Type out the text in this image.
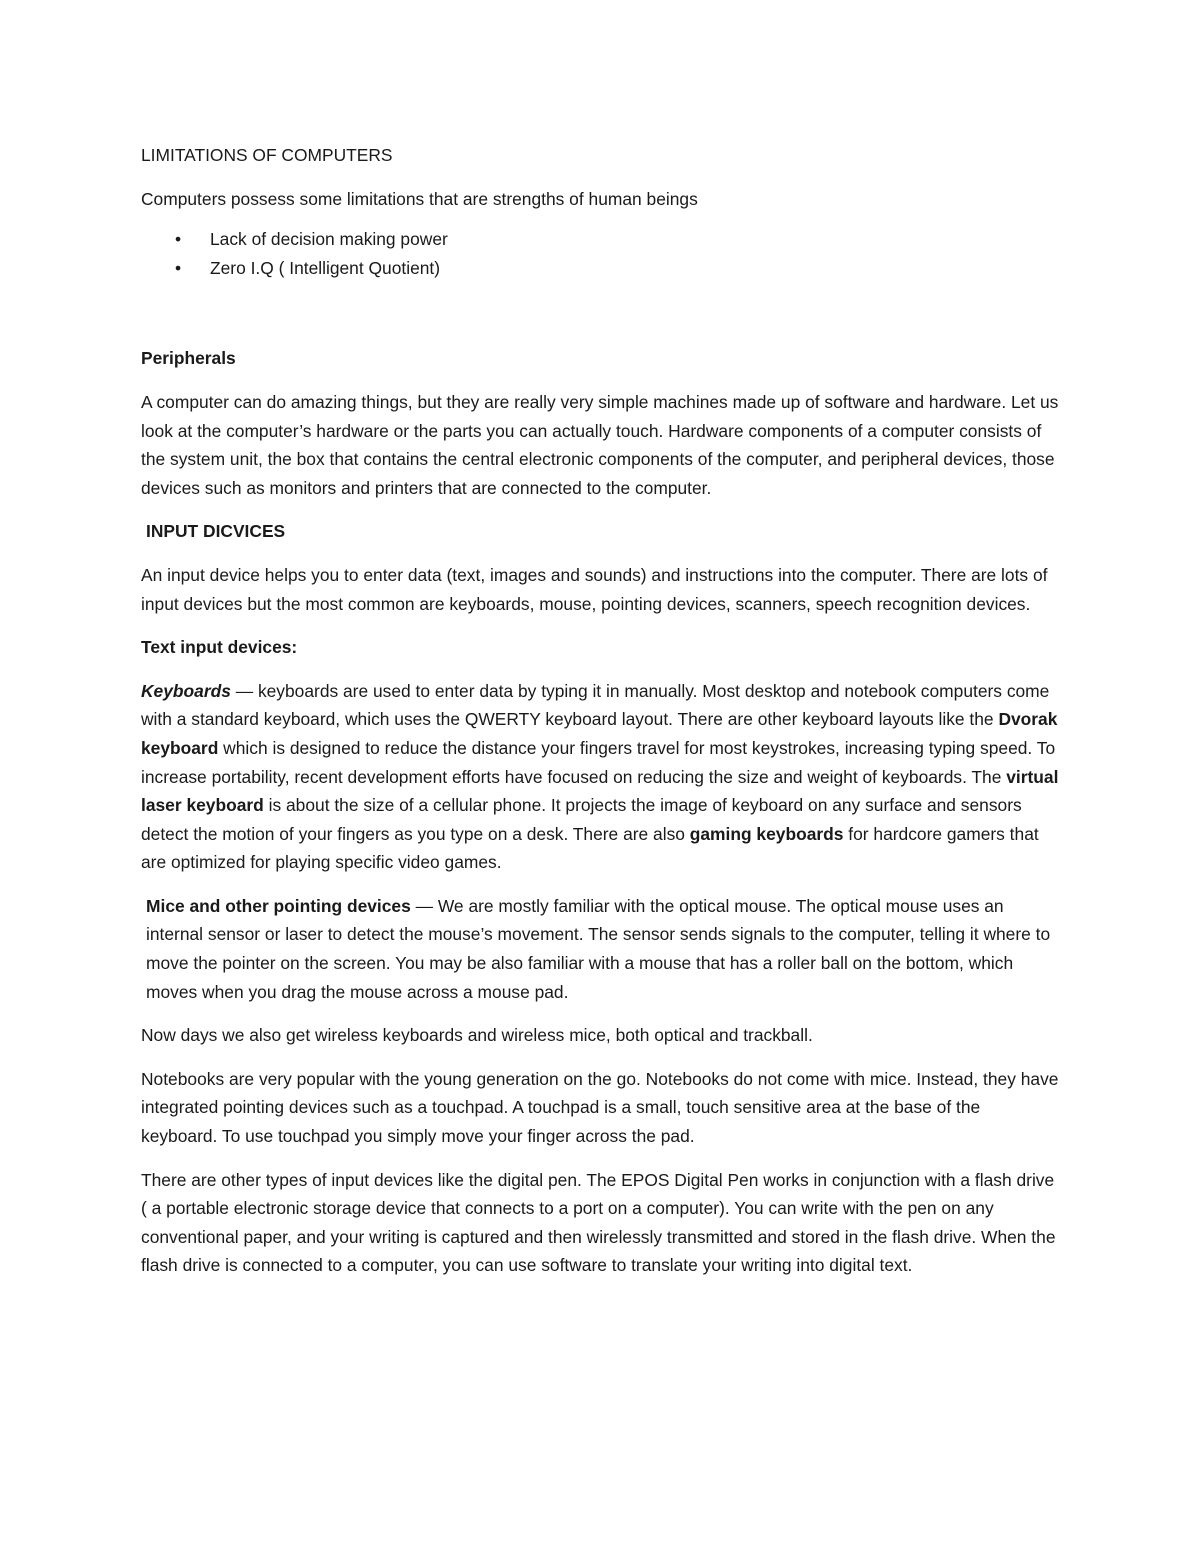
LIMITATIONS OF COMPUTERS

Computers possess some limitations that are strengths of human beings

• Lack of decision making power
• Zero I.Q ( Intelligent Quotient)

Peripherals

A computer can do amazing things, but they are really very simple machines made up of software and hardware. Let us look at the computer’s hardware or the parts you can actually touch. Hardware components of a computer consists of the system unit, the box that contains the central electronic components of the computer, and peripheral devices, those devices such as monitors and printers that are connected to the computer.

INPUT DICVICES

An input device helps you to enter data (text, images and sounds) and instructions into the computer. There are lots of input devices but the most common are keyboards, mouse, pointing devices, scanners, speech recognition devices.

Text input devices:

Keyboards — keyboards are used to enter data by typing it in manually. Most desktop and notebook computers come with a standard keyboard, which uses the QWERTY keyboard layout. There are other keyboard layouts like the Dvorak keyboard which is designed to reduce the distance your fingers travel for most keystrokes, increasing typing speed. To increase portability, recent development efforts have focused on reducing the size and weight of keyboards. The virtual laser keyboard is about the size of a cellular phone. It projects the image of keyboard on any surface and sensors detect the motion of your fingers as you type on a desk. There are also gaming keyboards for hardcore gamers that are optimized for playing specific video games.

Mice and other pointing devices — We are mostly familiar with the optical mouse. The optical mouse uses an internal sensor or laser to detect the mouse’s movement. The sensor sends signals to the computer, telling it where to move the pointer on the screen. You may be also familiar with a mouse that has a roller ball on the bottom, which moves when you drag the mouse across a mouse pad.

Now days we also get wireless keyboards and wireless mice, both optical and trackball.

Notebooks are very popular with the young generation on the go. Notebooks do not come with mice. Instead, they have integrated pointing devices such as a touchpad. A touchpad is a small, touch sensitive area at the base of the keyboard. To use touchpad you simply move your finger across the pad.

There are other types of input devices like the digital pen. The EPOS Digital Pen works in conjunction with a flash drive ( a portable electronic storage device that connects to a port on a computer). You can write with the pen on any conventional paper, and your writing is captured and then wirelessly transmitted and stored in the flash drive. When the flash drive is connected to a computer, you can use software to translate your writing into digital text.
